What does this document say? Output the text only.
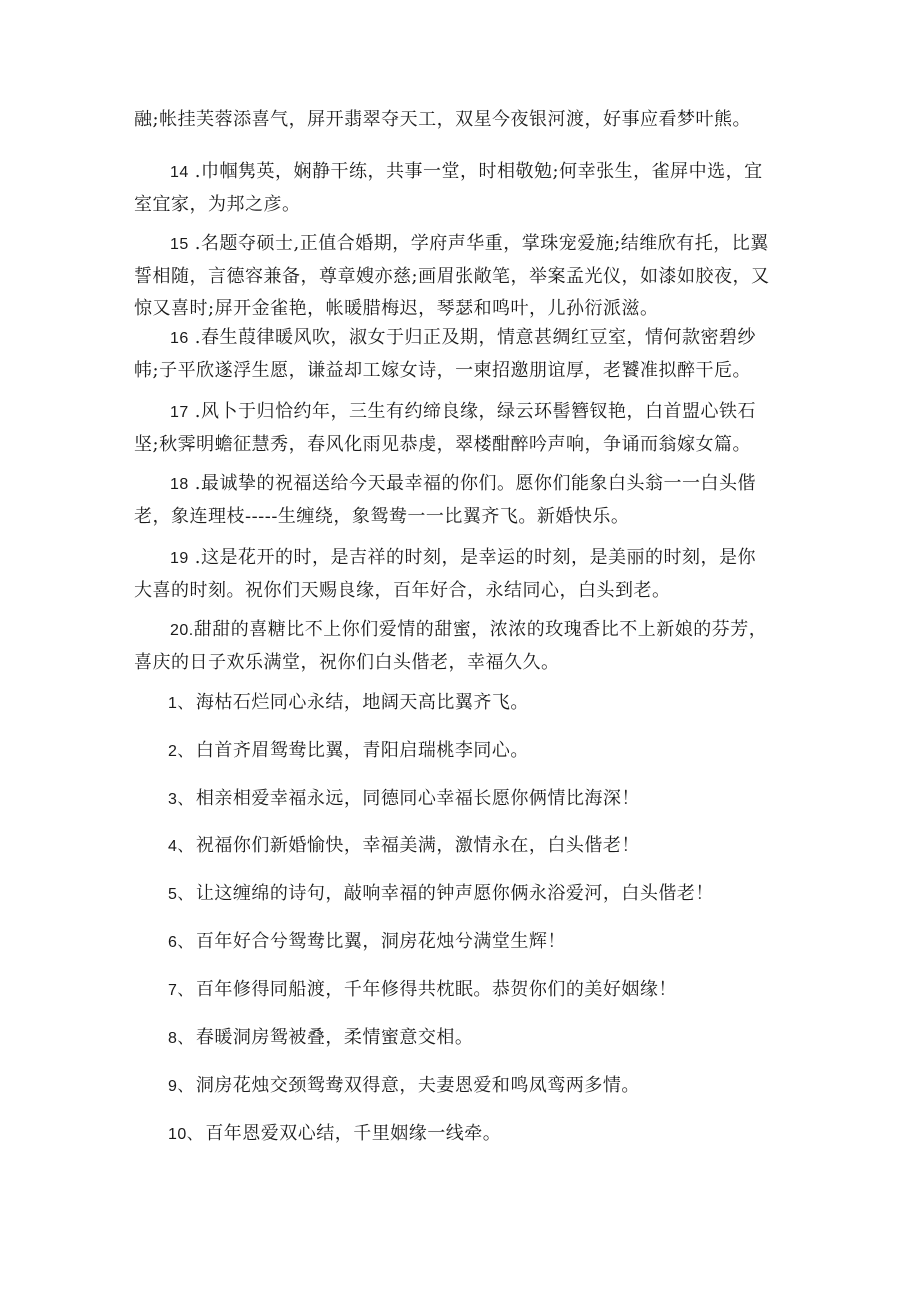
融;帐挂芙蓉添喜气，屏开翡翠夺天工，双星今夜银河渡，好事应看梦叶熊。

14 .巾帼隽英，娴静干练，共事一堂，时相敬勉;何幸张生，雀屏中选，宜室宜家，为邦之彦。

15 .名题夺硕士,正值合婚期，学府声华重，掌珠宠爱施;结维欣有托，比翼誓相随，言德容兼备，尊章嫂亦慈;画眉张敞笔，举案孟光仪，如漆如胶夜，又惊又喜时;屏开金雀艳，帐暖腊梅迟，琴瑟和鸣叶，儿孙衍派滋。

16 .春生葭律暖风吹，淑女于归正及期，情意甚绸红豆室，情何款密碧纱帏;子平欣遂浮生愿，谦益却工嫁女诗，一柬招邀朋谊厚，老饕准拟醉干卮。

17 .风卜于归恰约年，三生有约缔良缘，绿云环髻簪钗艳，白首盟心铁石坚;秋霁明蟾征慧秀，春风化雨见恭虔，翠楼酣醉吟声响，争诵而翁嫁女篇。

18 .最诚挚的祝福送给今天最幸福的你们。愿你们能象白头翁一一白头偕老，象连理枝-----生缠绕，象鸳鸯一一比翼齐飞。新婚快乐。

19 .这是花开的时，是吉祥的时刻，是幸运的时刻，是美丽的时刻，是你大喜的时刻。祝你们天赐良缘，百年好合，永结同心，白头到老。

20.甜甜的喜糖比不上你们爱情的甜蜜，浓浓的玫瑰香比不上新娘的芬芳，喜庆的日子欢乐满堂，祝你们白头偕老，幸福久久。

1、 海枯石烂同心永结，地阔天高比翼齐飞。

2、 白首齐眉鸳鸯比翼，青阳启瑞桃李同心。

3、 相亲相爱幸福永远，同德同心幸福长愿你俩情比海深！

4、 祝福你们新婚愉快，幸福美满，激情永在，白头偕老！

5、 让这缠绵的诗句，敲响幸福的钟声愿你俩永浴爱河，白头偕老！

6、 百年好合兮鸳鸯比翼，洞房花烛兮满堂生辉！

7、 百年修得同船渡，千年修得共枕眠。恭贺你们的美好姻缘！

8、 春暖洞房鸳被叠，柔情蜜意交相。

9、 洞房花烛交颈鸳鸯双得意，夫妻恩爱和鸣凤鸾两多情。

10、 百年恩爱双心结，千里姻缘一线牵。
